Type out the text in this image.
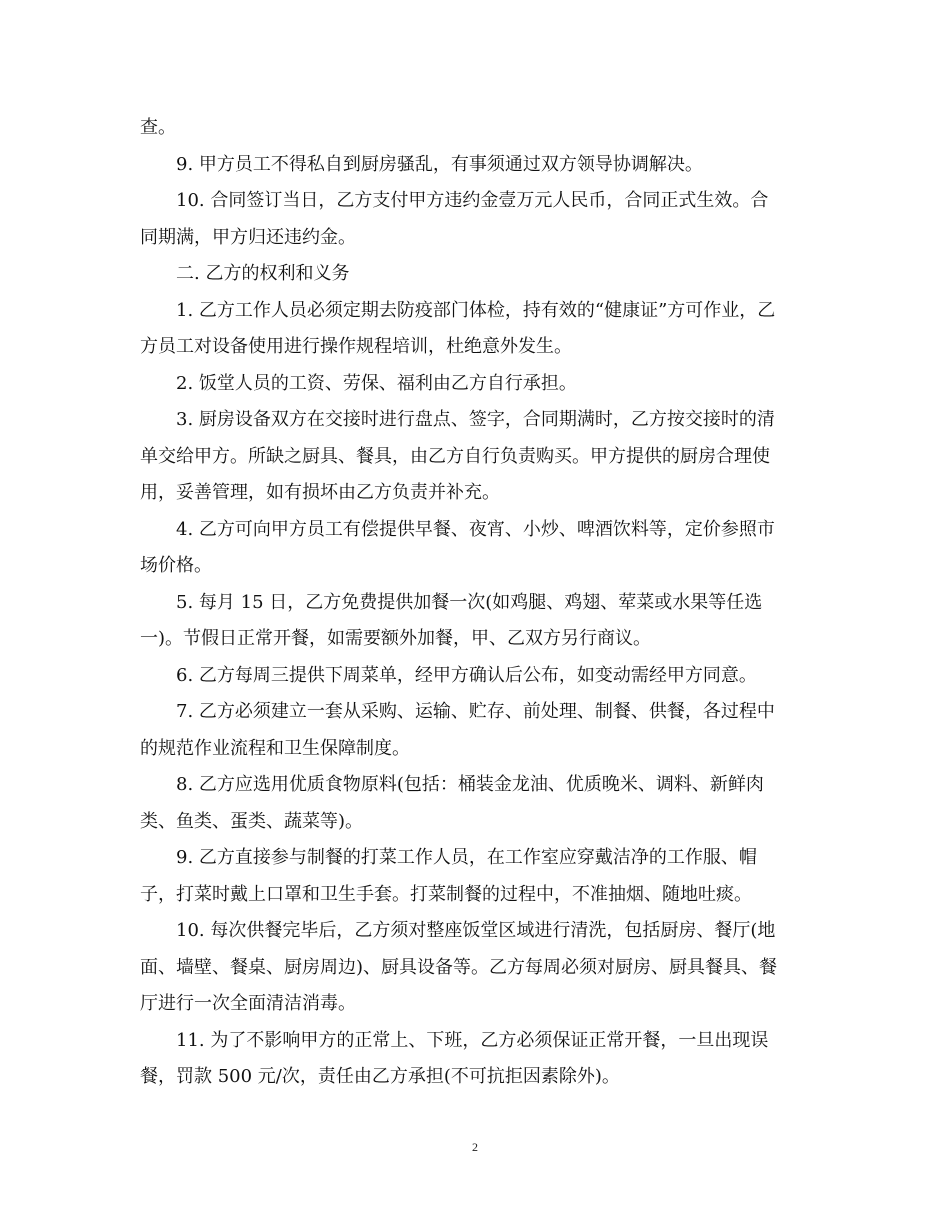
查。
9. 甲方员工不得私自到厨房骚乱，有事须通过双方领导协调解决。
10. 合同签订当日，乙方支付甲方违约金壹万元人民币，合同正式生效。合
同期满，甲方归还违约金。
二. 乙方的权利和义务
1. 乙方工作人员必须定期去防疫部门体检，持有效的“健康证”方可作业，乙
方员工对设备使用进行操作规程培训，杜绝意外发生。
2. 饭堂人员的工资、劳保、福利由乙方自行承担。
3. 厨房设备双方在交接时进行盘点、签字，合同期满时，乙方按交接时的清
单交给甲方。所缺之厨具、餐具，由乙方自行负责购买。甲方提供的厨房合理使
用，妥善管理，如有损坏由乙方负责并补充。
4. 乙方可向甲方员工有偿提供早餐、夜宵、小炒、啤酒饮料等，定价参照市
场价格。
5. 每月 15 日，乙方免费提供加餐一次(如鸡腿、鸡翅、荤菜或水果等任选
一)。节假日正常开餐，如需要额外加餐，甲、乙双方另行商议。
6. 乙方每周三提供下周菜单，经甲方确认后公布，如变动需经甲方同意。
7. 乙方必须建立一套从采购、运输、贮存、前处理、制餐、供餐，各过程中
的规范作业流程和卫生保障制度。
8. 乙方应选用优质食物原料(包括：桶装金龙油、优质晚米、调料、新鲜肉
类、鱼类、蛋类、蔬菜等)。
9. 乙方直接参与制餐的打菜工作人员，在工作室应穿戴洁净的工作服、帽
子，打菜时戴上口罩和卫生手套。打菜制餐的过程中，不准抽烟、随地吐痰。
10. 每次供餐完毕后，乙方须对整座饭堂区域进行清洗，包括厨房、餐厅(地
面、墙壁、餐桌、厨房周边)、厨具设备等。乙方每周必须对厨房、厨具餐具、餐
厅进行一次全面清洁消毒。
11. 为了不影响甲方的正常上、下班，乙方必须保证正常开餐，一旦出现误
餐，罚款 500 元/次，责任由乙方承担(不可抗拒因素除外)。
2
